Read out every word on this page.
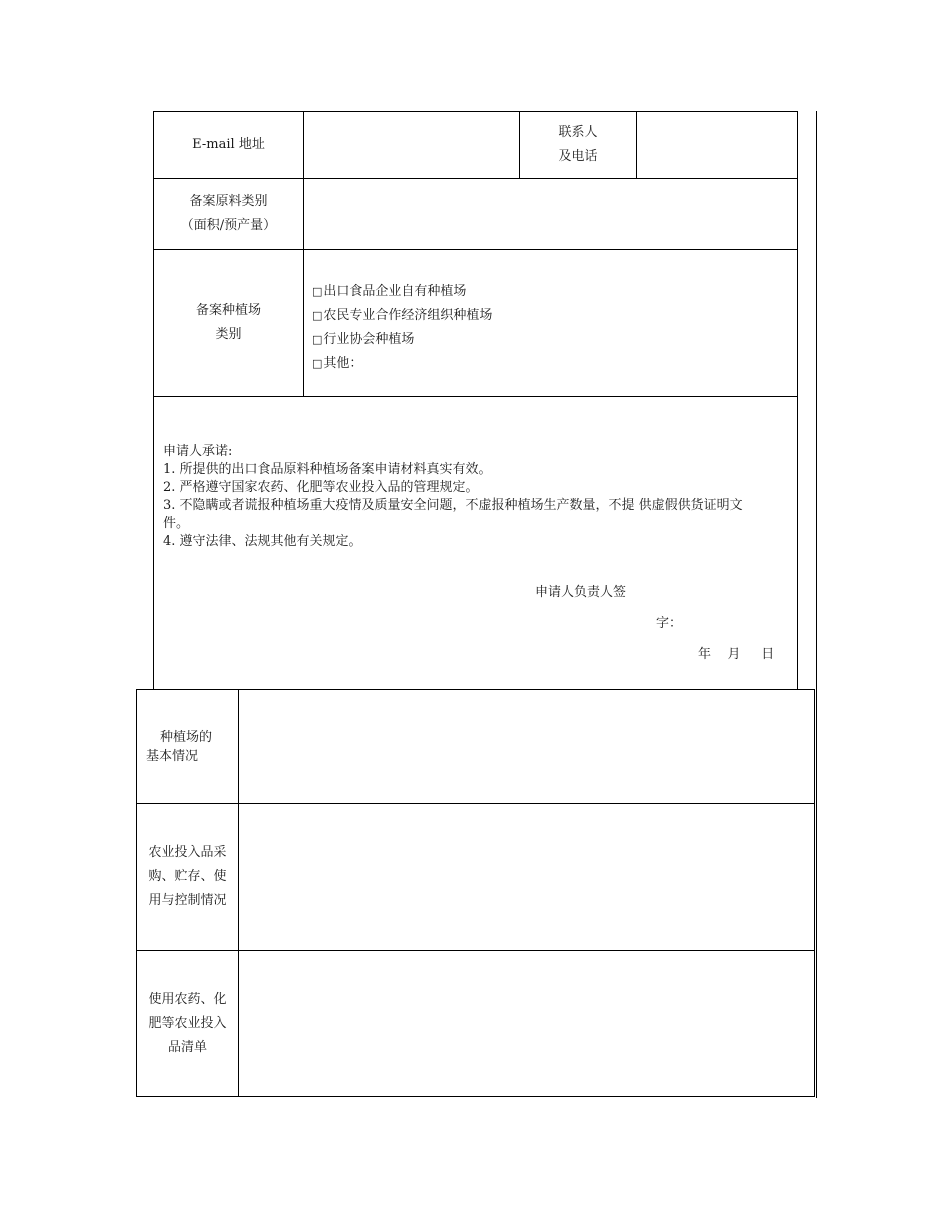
E-mail 地址
联系人
及电话
备案原料类别
（面积/预产量）
备案种植场
类别
□出口食品企业自有种植场
□农民专业合作经济组织种植场
□行业协会种植场
□其他：
申请人承诺:
1. 所提供的出口食品原料种植场备案申请材料真实有效。
2. 严格遵守国家农药、化肥等农业投入品的管理规定。
3. 不隐瞒或者谎报种植场重大疫情及质量安全问题，不虚报种植场生产数量，不提 供虚假供货证明文
件。
4. 遵守法律、法规其他有关规定。
申请人负责人签
字：
年    月     日
种植场的
基本情况
农业投入品采
购、贮存、使
用与控制情况
使用农药、化
肥等农业投入
品清单
